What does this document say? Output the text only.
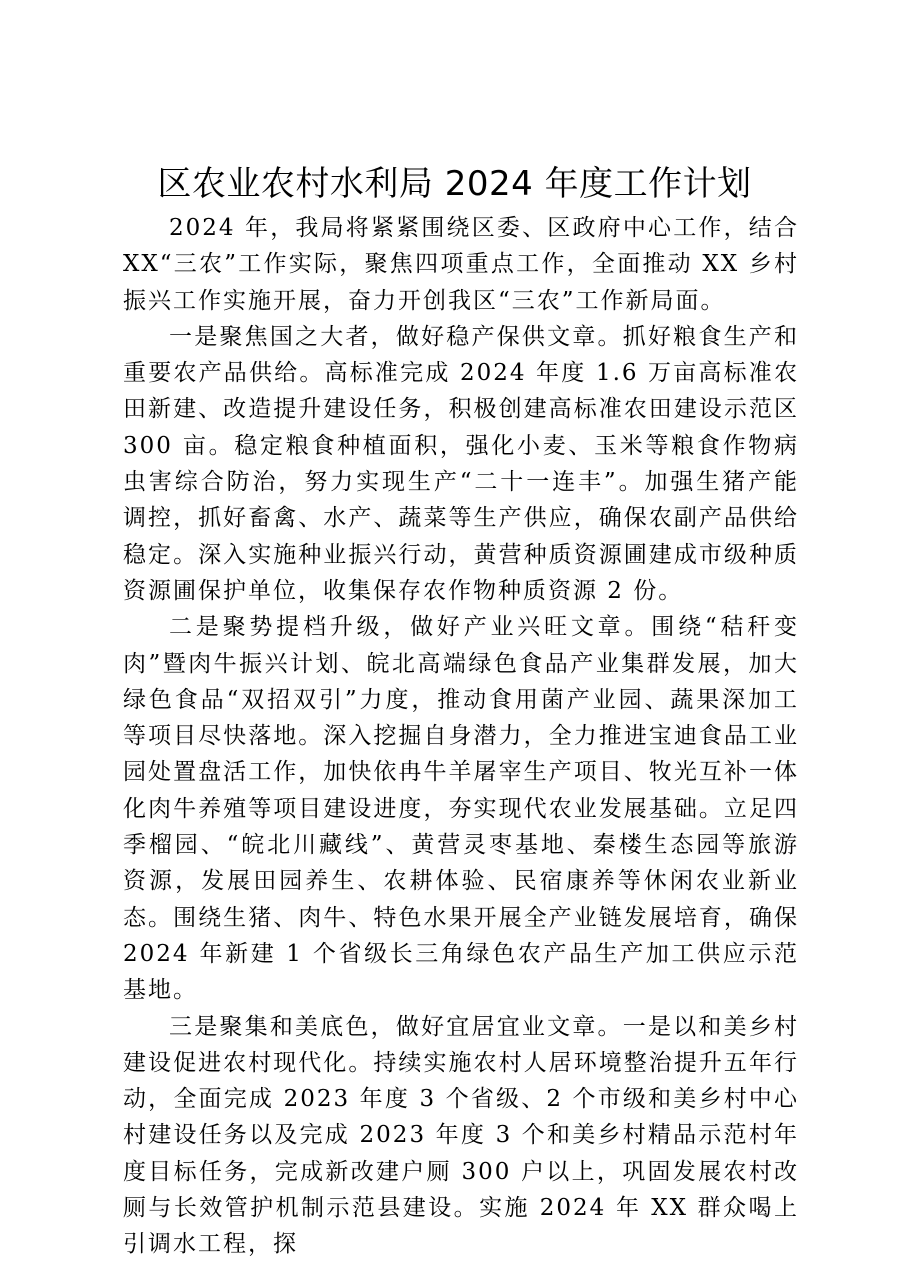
区农业农村水利局 2024 年度工作计划

2024 年，我局将紧紧围绕区委、区政府中心工作，结合 XX“三农”工作实际，聚焦四项重点工作，全面推动 XX 乡村振兴工作实施开展，奋力开创我区“三农”工作新局面。

一是聚焦国之大者，做好稳产保供文章。抓好粮食生产和重要农产品供给。高标准完成 2024 年度 1.6 万亩高标准农田新建、改造提升建设任务，积极创建高标准农田建设示范区 300 亩。稳定粮食种植面积，强化小麦、玉米等粮食作物病虫害综合防治，努力实现生产“二十一连丰”。加强生猪产能调控，抓好畜禽、水产、蔬菜等生产供应，确保农副产品供给稳定。深入实施种业振兴行动，黄营种质资源圃建成市级种质资源圃保护单位，收集保存农作物种质资源 2 份。

二是聚势提档升级，做好产业兴旺文章。围绕“秸秆变肉”暨肉牛振兴计划、皖北高端绿色食品产业集群发展，加大绿色食品“双招双引”力度，推动食用菌产业园、蔬果深加工等项目尽快落地。深入挖掘自身潜力，全力推进宝迪食品工业园处置盘活工作，加快依冉牛羊屠宰生产项目、牧光互补一体化肉牛养殖等项目建设进度，夯实现代农业发展基础。立足四季榴园、“皖北川藏线”、黄营灵枣基地、秦楼生态园等旅游资源，发展田园养生、农耕体验、民宿康养等休闲农业新业态。围绕生猪、肉牛、特色水果开展全产业链发展培育，确保 2024 年新建 1 个省级长三角绿色农产品生产加工供应示范基地。

三是聚集和美底色，做好宜居宜业文章。一是以和美乡村建设促进农村现代化。持续实施农村人居环境整治提升五年行动，全面完成 2023 年度 3 个省级、2 个市级和美乡村中心村建设任务以及完成 2023 年度 3 个和美乡村精品示范村年度目标任务，完成新改建户厕 300 户以上，巩固发展农村改厕与长效管护机制示范县建设。实施 2024 年 XX 群众喝上引调水工程，探
